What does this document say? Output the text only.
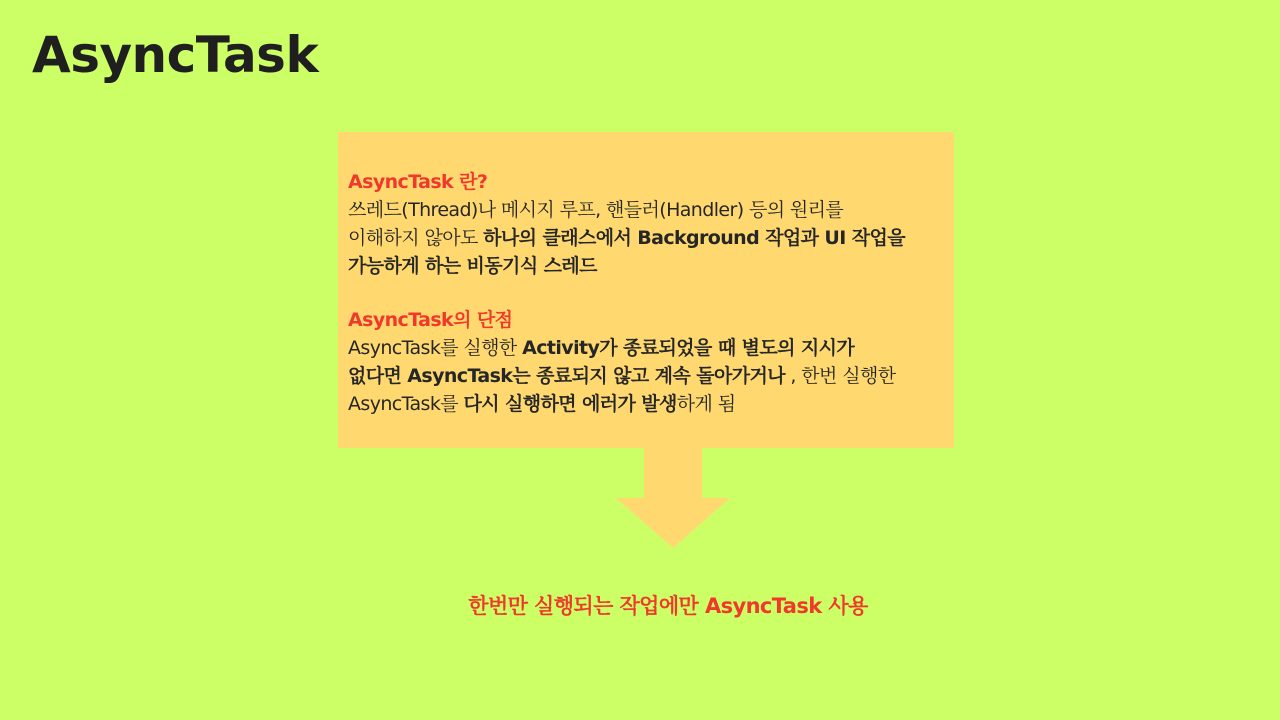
AsyncTask

AsyncTask 란?

쓰레드(Thread)나 메시지 루프, 핸들러(Handler) 등의 원리를

이해하지 않아도 하나의 클래스에서 Background 작업과 UI 작업을

가능하게 하는 비동기식 스레드

AsyncTask의 단점

AsyncTask를 실행한 Activity가 종료되었을 때 별도의 지시가

없다면 AsyncTask는 종료되지 않고 계속 돌아가거나 , 한번 실행한

AsyncTask를 다시 실행하면 에러가 발생하게 됨

한번만 실행되는 작업에만 AsyncTask 사용
